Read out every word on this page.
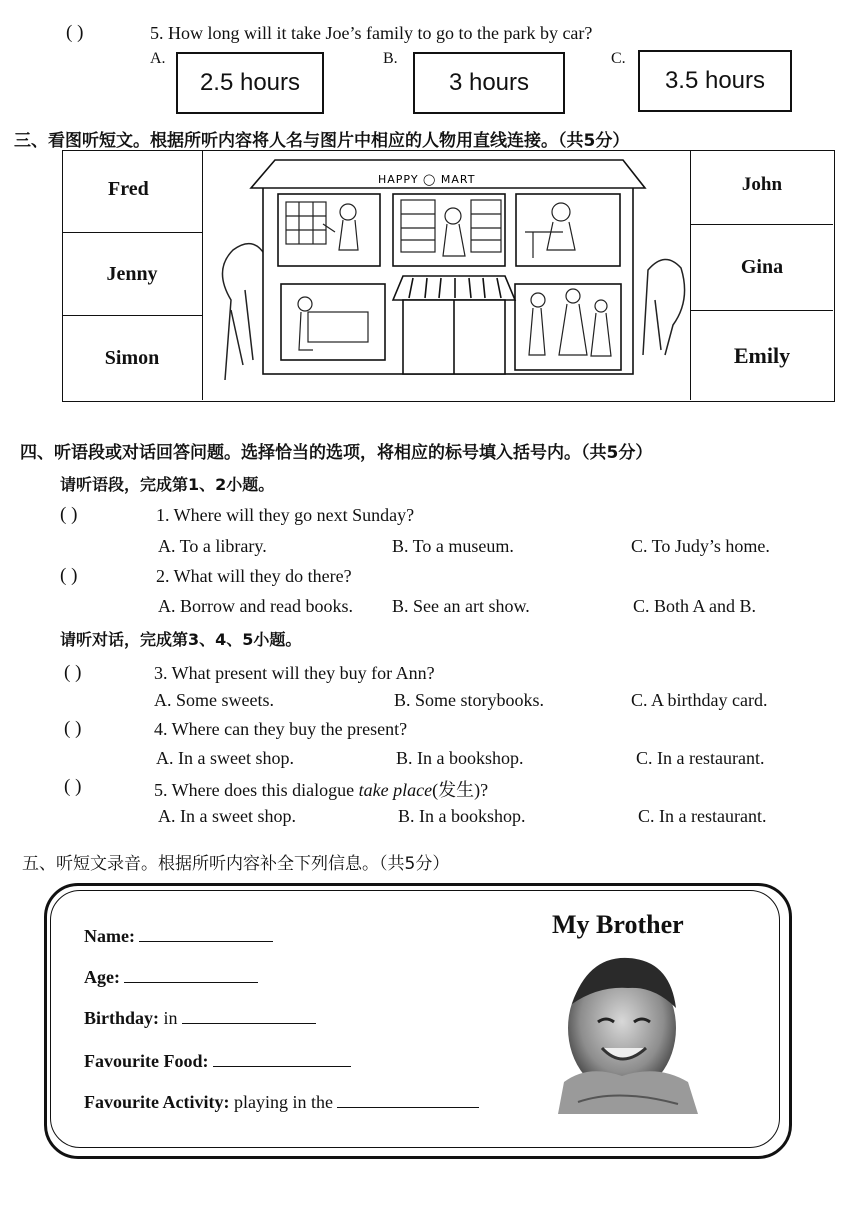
( )	5. How long will it take Joe’s family to go to the park by car?
A.
2.5 hours
B.
3 hours
C.
3.5 hours
三、看图听短文。根据所听内容将人名与图片中相应的人物用直线连接。（共5分）
Fred
Jenny
Simon
John
Gina
Emily
HAPPY ◯ MART
四、听语段或对话回答问题。选择恰当的选项，将相应的标号填入括号内。（共5分）
请听语段，完成第1、2小题。
( )	1. Where will they go next Sunday?
A. To a library.	B. To a museum.	C. To Judy’s home.
( )	2. What will they do there?
A. Borrow and read books. B. See an art show.	C. Both A and B.
请听对话，完成第3、4、5小题。
( )	3. What present will they buy for Ann?
A. Some sweets.	B. Some storybooks.	C. A birthday card.
( )	4. Where can they buy the present?
A. In a sweet shop.	B. In a bookshop.	C. In a restaurant.
( )	5. Where does this dialogue take place(发生)?
A. In a sweet shop.	B. In a bookshop.	C. In a restaurant.
五、听短文录音。根据所听内容补全下列信息。（共5分）
My Brother
Name:
Age:
Birthday: in
Favourite Food:
Favourite Activity: playing in the
